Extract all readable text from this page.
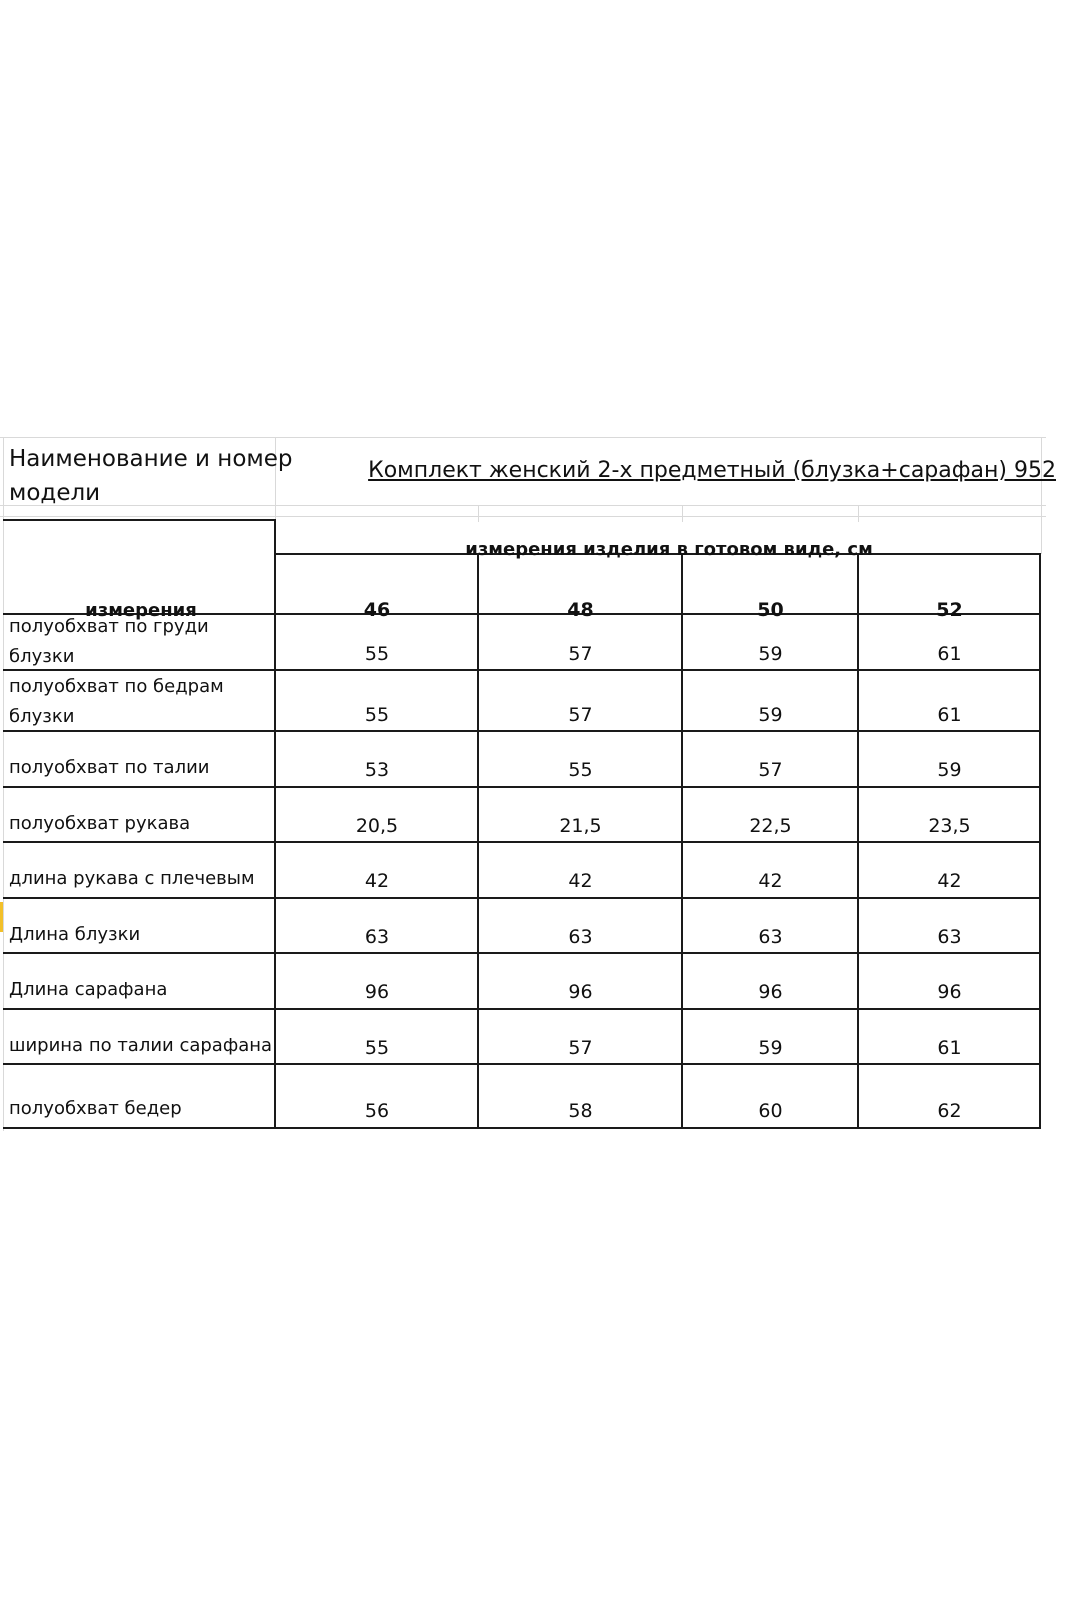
Наименование и номер
модели
Комплект женский 2-х предметный (блузка+сарафан) 952
измерения изделия в готовом виде, см
измерения	46	48	50	52
полуобхват по груди
блузки	55	57	59	61
полуобхват по бедрам
блузки	55	57	59	61
полуобхват по талии	53	55	57	59
полуобхват рукава	20,5	21,5	22,5	23,5
длина рукава с плечевым	42	42	42	42
Длина блузки	63	63	63	63
Длина сарафана	96	96	96	96
ширина по талии сарафана	55	57	59	61
полуобхват бедер	56	58	60	62
